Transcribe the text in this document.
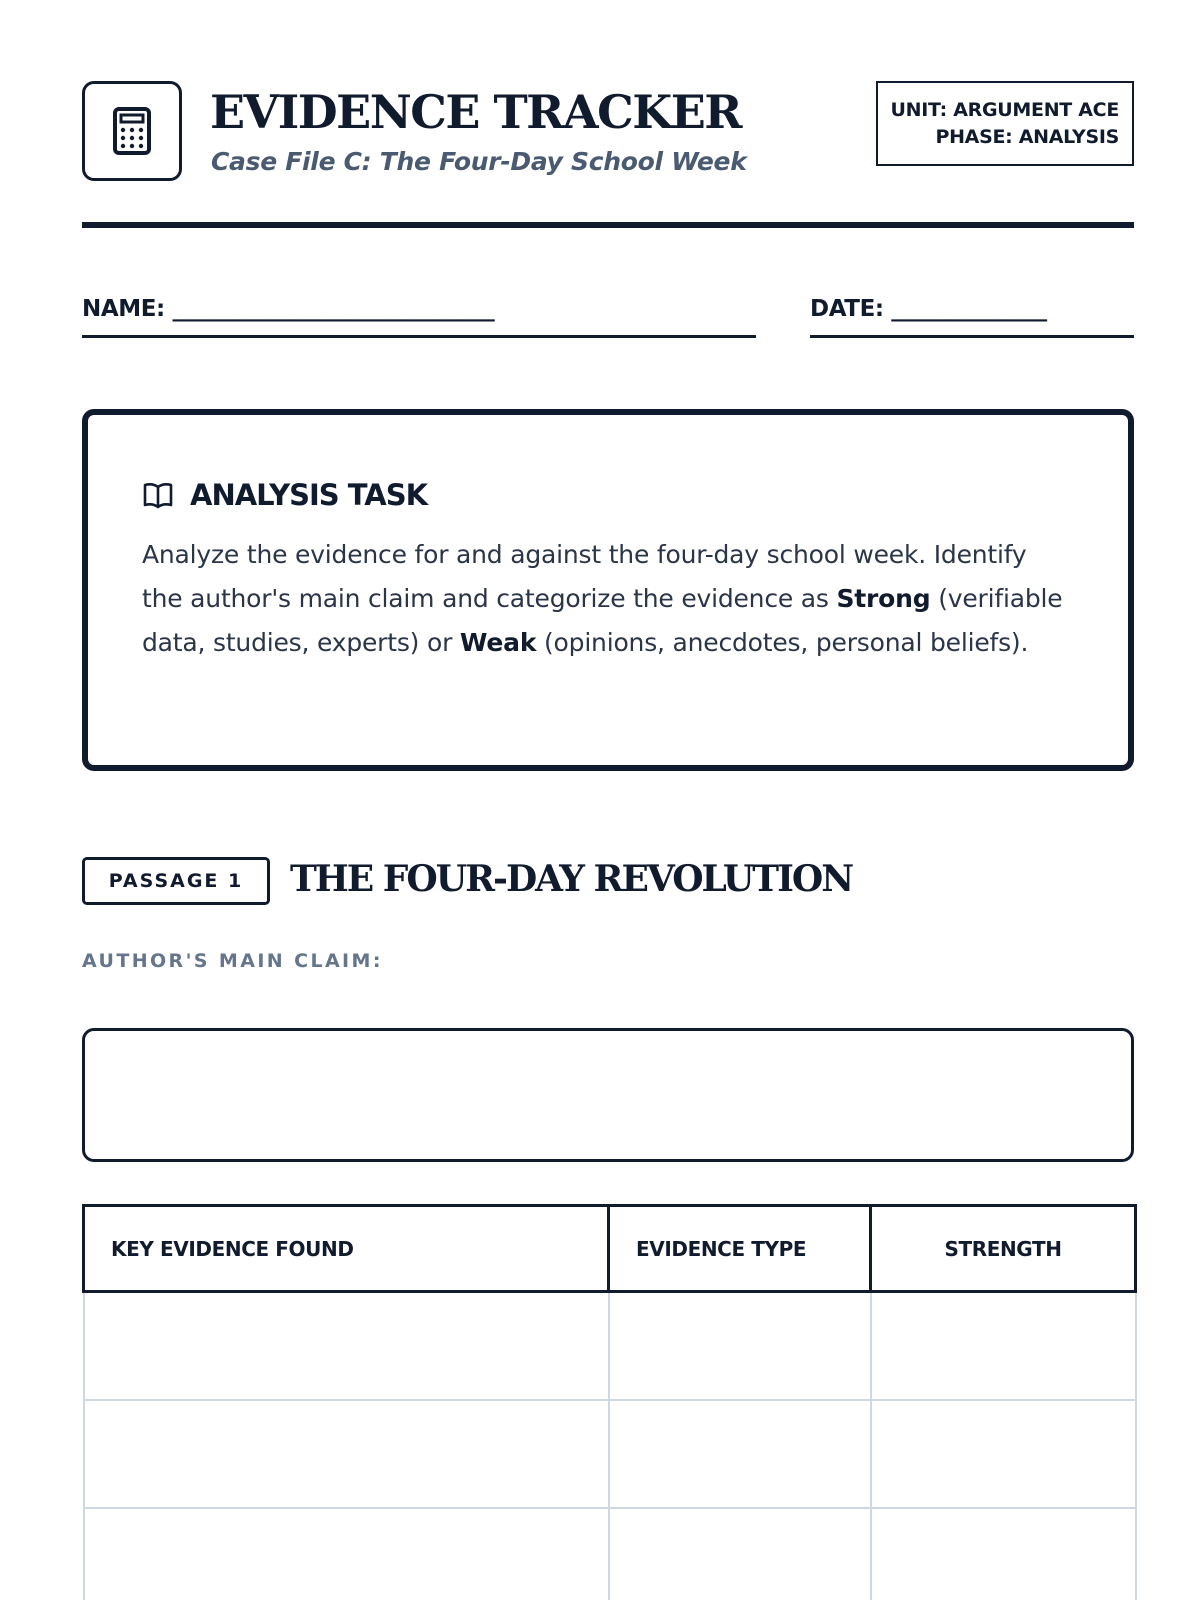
EVIDENCE TRACKER
Case File C: The Four-Day School Week
UNIT: ARGUMENT ACE
PHASE: ANALYSIS
NAME: _____________________________	DATE: ______________
ANALYSIS TASK

Analyze the evidence for and against the four-day school week. Identify the author's main claim and categorize the evidence as Strong (verifiable data, studies, experts) or Weak (opinions, anecdotes, personal beliefs).

PASSAGE 1	THE FOUR-DAY REVOLUTION
AUTHOR'S MAIN CLAIM:
KEY EVIDENCE FOUND	EVIDENCE TYPE	STRENGTH
